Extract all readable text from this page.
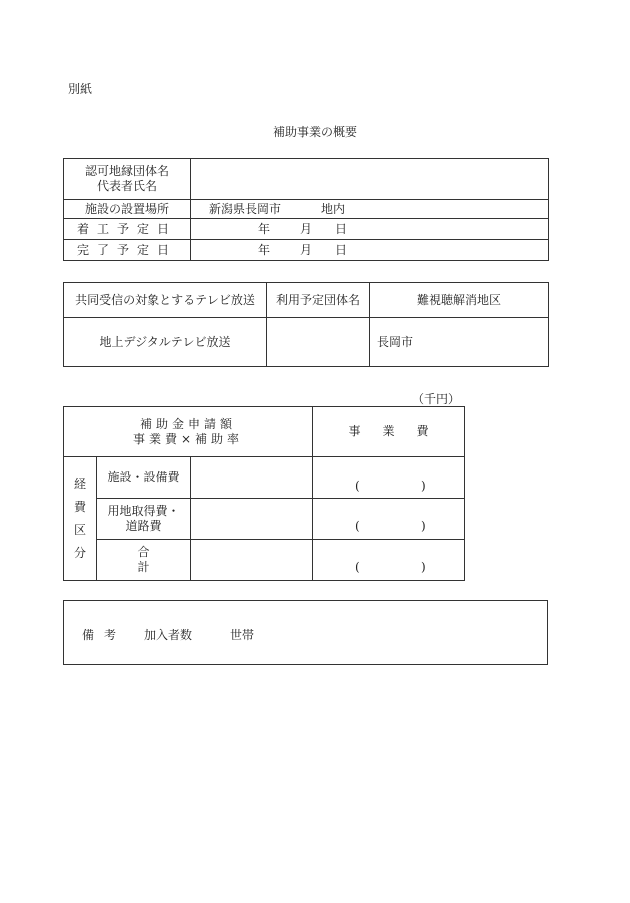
別紙
補助事業の概要
認可地縁団体名
代表者氏名	

施設の設置場所	新潟県長岡市 地内

着工予定日	年 月 日

完了予定日	年 月 日
共同受信の対象とするテレビ放送	利用予定団体名	難視聴解消地区
地上デジタルテレビ放送		長岡市
（千円）
補助金申請額
事業費×補助率			事業費

経
費
区
分	施設・設備費		( )

	用地取得費・
道路費		( )

	合計		( )
備考 加入者数	世帯
